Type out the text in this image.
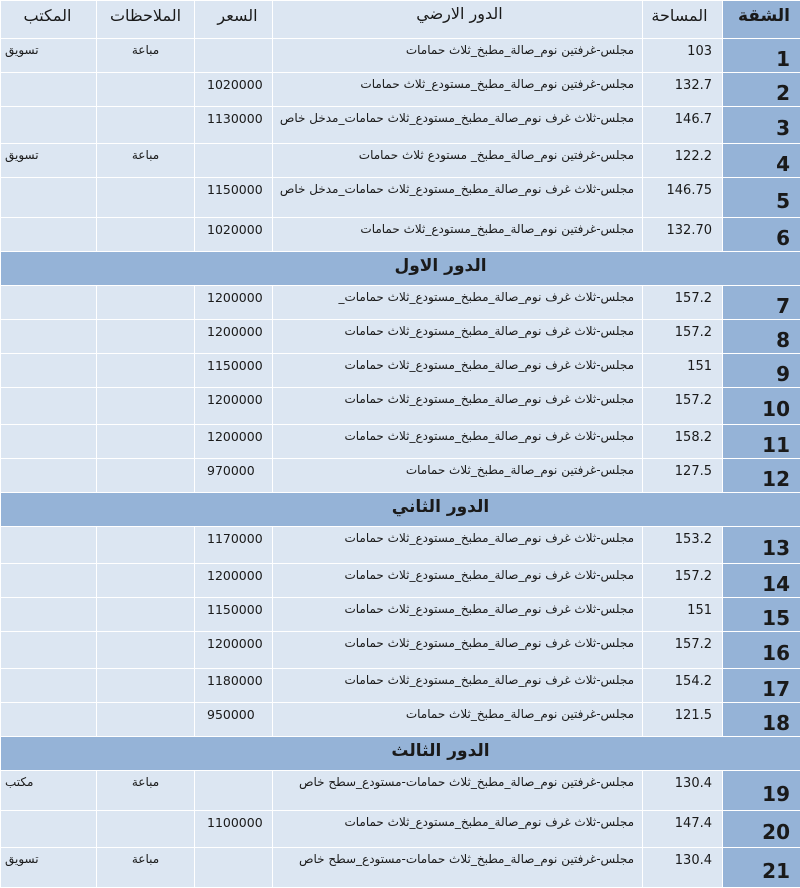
المكتب	الملاحظات	السعر	الدور الارضي	المساحة	الشقة
تسويق	مباعة		مجلس-غرفتين نوم_صالة_مطبخ_ثلاث حمامات	103	1
		1020000	مجلس-غرفتين نوم_صالة_مطبخ_مستودع_ثلاث حمامات	132.7	2
		1130000	مجلس-ثلاث غرف نوم_صالة_مطبخ_مستودع_ثلاث حمامات_مدخل خاص	146.7	3
تسويق	مباعة		مجلس-غرفتين نوم_صالة_مطبخ_ مستودع ثلاث حمامات	122.2	4
		1150000	مجلس-ثلاث غرف نوم_صالة_مطبخ_مستودع_ثلاث حمامات_مدخل خاص	146.75	5
		1020000	مجلس-غرفتين نوم_صالة_مطبخ_مستودع_ثلاث حمامات	132.70	6
الدور الاول					
		1200000	مجلس-ثلاث غرف نوم_صالة_مطبخ_مستودع_ثلاث حمامات_	157.2	7
		1200000	مجلس-ثلاث غرف نوم_صالة_مطبخ_مستودع_ثلاث حمامات	157.2	8
		1150000	مجلس-ثلاث غرف نوم_صالة_مطبخ_مستودع_ثلاث حمامات	151	9
		1200000	مجلس-ثلاث غرف نوم_صالة_مطبخ_مستودع_ثلاث حمامات	157.2	10
		1200000	مجلس-ثلاث غرف نوم_صالة_مطبخ_مستودع_ثلاث حمامات	158.2	11
		970000	مجلس-غرفتين نوم_صالة_مطبخ_ثلاث حمامات	127.5	12
الدور الثاني					
		1170000	مجلس-ثلاث غرف نوم_صالة_مطبخ_مستودع_ثلاث حمامات	153.2	13
		1200000	مجلس-ثلاث غرف نوم_صالة_مطبخ_مستودع_ثلاث حمامات	157.2	14
		1150000	مجلس-ثلاث غرف نوم_صالة_مطبخ_مستودع_ثلاث حمامات	151	15
		1200000	مجلس-ثلاث غرف نوم_صالة_مطبخ_مستودع_ثلاث حمامات	157.2	16
		1180000	مجلس-ثلاث غرف نوم_صالة_مطبخ_مستودع_ثلاث حمامات	154.2	17
		950000	مجلس-غرفتين نوم_صالة_مطبخ_ثلاث حمامات	121.5	18
الدور الثالث					
مكتب	مباعة		مجلس-غرفتين نوم_صالة_مطبخ_ثلاث حمامات-مستودع_سطح خاص	130.4	19
		1100000	مجلس-ثلاث غرف نوم_صالة_مطبخ_مستودع_ثلاث حمامات	147.4	20
تسويق	مباعة		مجلس-غرفتين نوم_صالة_مطبخ_ثلاث حمامات-مستودع_سطح خاص	130.4	21
